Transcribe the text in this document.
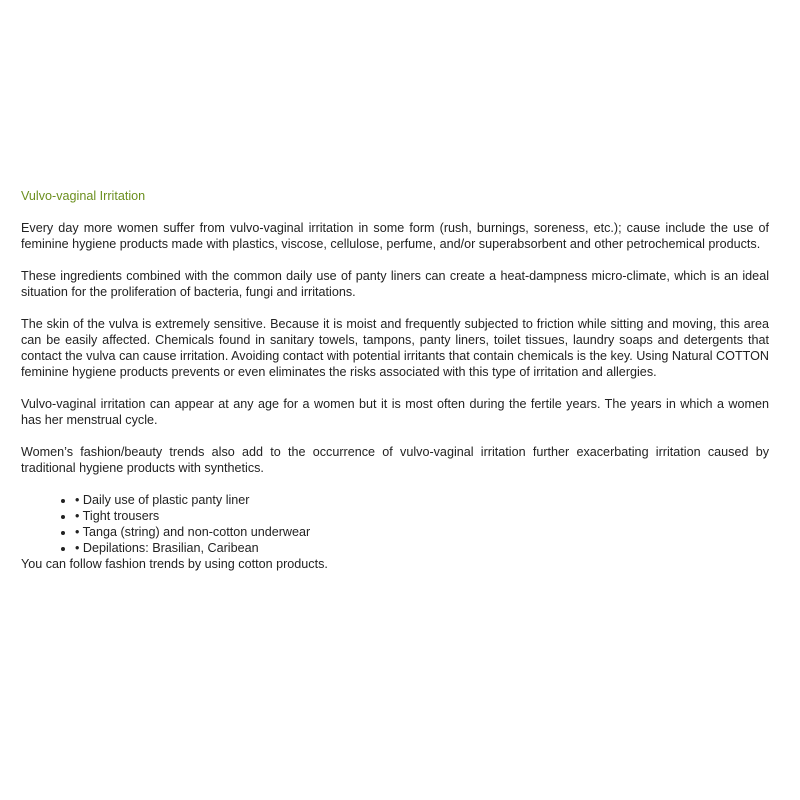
Vulvo-vaginal Irritation

Every day more women suffer from vulvo-vaginal irritation in some form (rush, burnings, soreness, etc.); cause include the use of feminine hygiene products made with plastics, viscose, cellulose, perfume, and/or superabsorbent and other petrochemical products.

These ingredients combined with the common daily use of panty liners can create a heat-dampness micro-climate, which is an ideal situation for the proliferation of bacteria, fungi and irritations.

The skin of the vulva is extremely sensitive. Because it is moist and frequently subjected to friction while sitting and moving, this area can be easily affected. Chemicals found in sanitary towels, tampons, panty liners, toilet tissues, laundry soaps and detergents that contact the vulva can cause irritation. Avoiding contact with potential irritants that contain chemicals is the key. Using Natural COTTON feminine hygiene products prevents or even eliminates the risks associated with this type of irritation and allergies.

Vulvo-vaginal irritation can appear at any age for a women but it is most often during the fertile years. The years in which a women has her menstrual cycle.

Women’s fashion/beauty trends also add to the occurrence of vulvo-vaginal irritation further exacerbating irritation caused by traditional hygiene products with synthetics.

• • Daily use of plastic panty liner
• • Tight trousers
• • Tanga (string) and non-cotton underwear
• • Depilations: Brasilian, Caribean

You can follow fashion trends by using cotton products.
